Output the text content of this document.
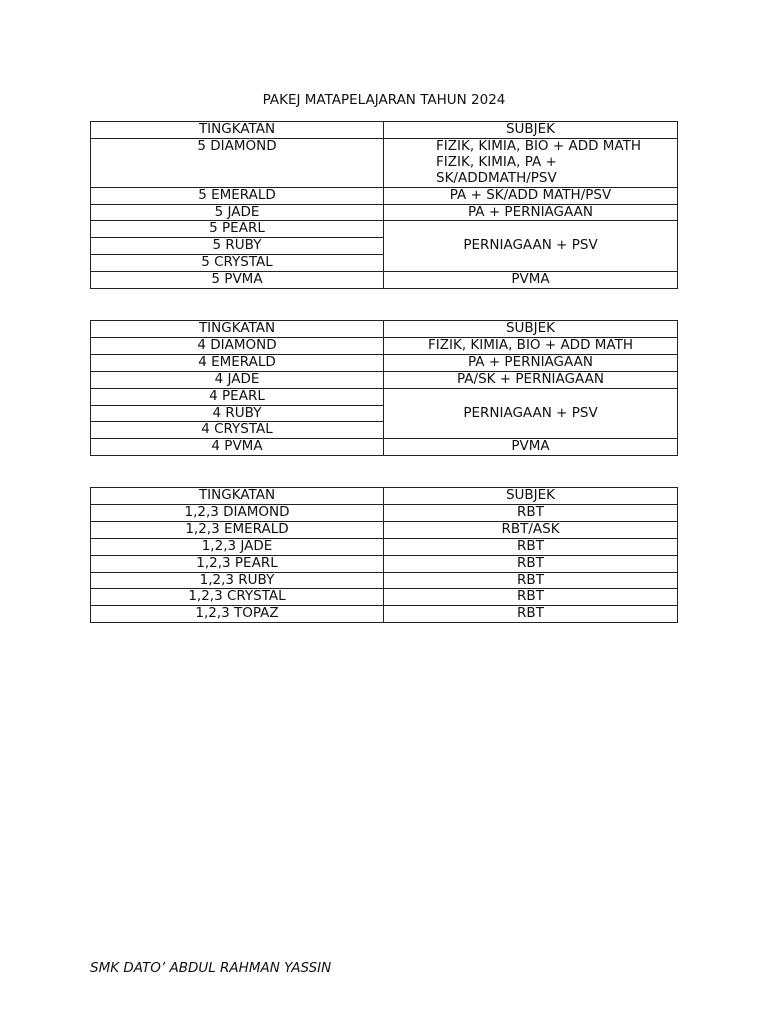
PAKEJ MATAPELAJARAN TAHUN 2024
TINGKATAN	SUBJEK
5 DIAMOND	FIZIK, KIMIA, BIO + ADD MATH
FIZIK, KIMIA, PA +
SK/ADDMATH/PSV

5 EMERALD	PA + SK/ADD MATH/PSV
5 JADE	PA + PERNIAGAAN
5 PEARL	PERNIAGAAN + PSV
5 RUBY	
5 CRYSTAL	
5 PVMA	PVMA
TINGKATAN	SUBJEK
4 DIAMOND	FIZIK, KIMIA, BIO + ADD MATH
4 EMERALD	PA + PERNIAGAAN
4 JADE	PA/SK + PERNIAGAAN
4 PEARL	PERNIAGAAN + PSV
4 RUBY	
4 CRYSTAL	
4 PVMA	PVMA
TINGKATAN	SUBJEK
1,2,3 DIAMOND	RBT
1,2,3 EMERALD	RBT/ASK
1,2,3 JADE	RBT
1,2,3 PEARL	RBT
1,2,3 RUBY	RBT
1,2,3 CRYSTAL	RBT
1,2,3 TOPAZ	RBT
SMK DATO’ ABDUL RAHMAN YASSIN
